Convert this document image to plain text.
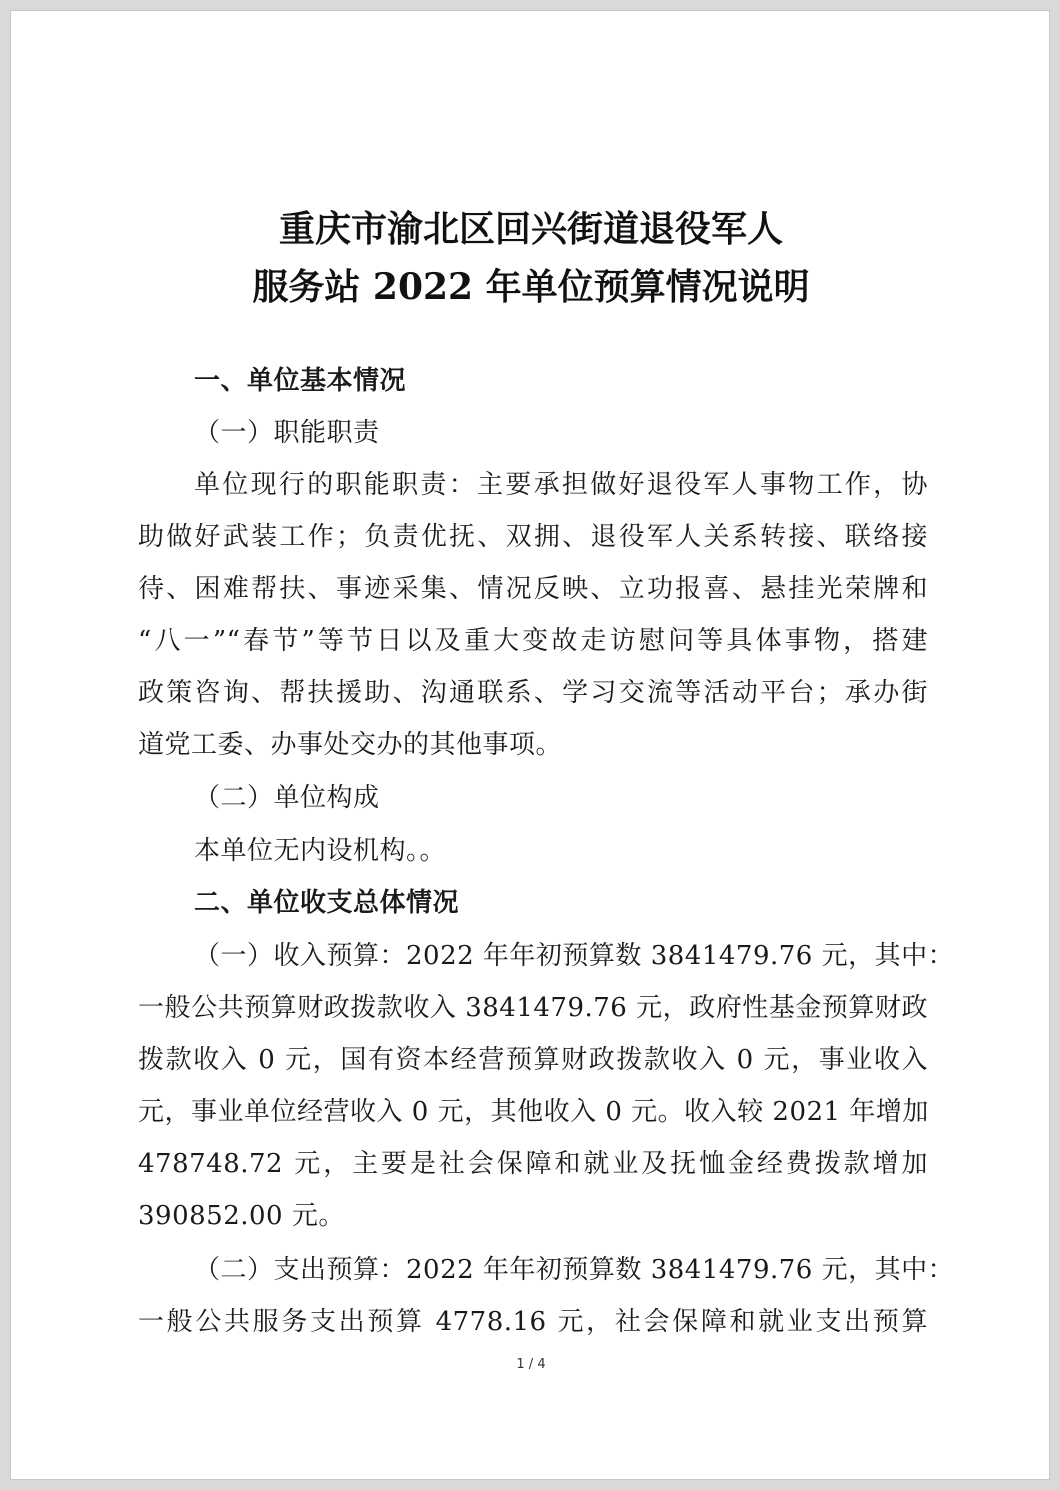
重庆市渝北区回兴街道退役军人
服务站 2022 年单位预算情况说明
一、单位基本情况
（一）职能职责
单位现行的职能职责：主要承担做好退役军人事物工作，协
助做好武装工作；负责优抚、双拥、退役军人关系转接、联络接
待、困难帮扶、事迹采集、情况反映、立功报喜、悬挂光荣牌和
“八一”“春节”等节日以及重大变故走访慰问等具体事物，搭建
政策咨询、帮扶援助、沟通联系、学习交流等活动平台；承办街
道党工委、办事处交办的其他事项。
（二）单位构成
本单位无内设机构。。
二、单位收支总体情况
（一）收入预算：2022 年年初预算数 3841479.76 元，其中：
一般公共预算财政拨款收入 3841479.76 元，政府性基金预算财政
拨款收入 0 元，国有资本经营预算财政拨款收入 0 元，事业收入
元，事业单位经营收入 0 元，其他收入 0 元。收入较 2021 年增加
478748.72 元，主要是社会保障和就业及抚恤金经费拨款增加
390852.00 元。
（二）支出预算：2022 年年初预算数 3841479.76 元，其中：
一般公共服务支出预算 4778.16 元，社会保障和就业支出预算
1 / 4
